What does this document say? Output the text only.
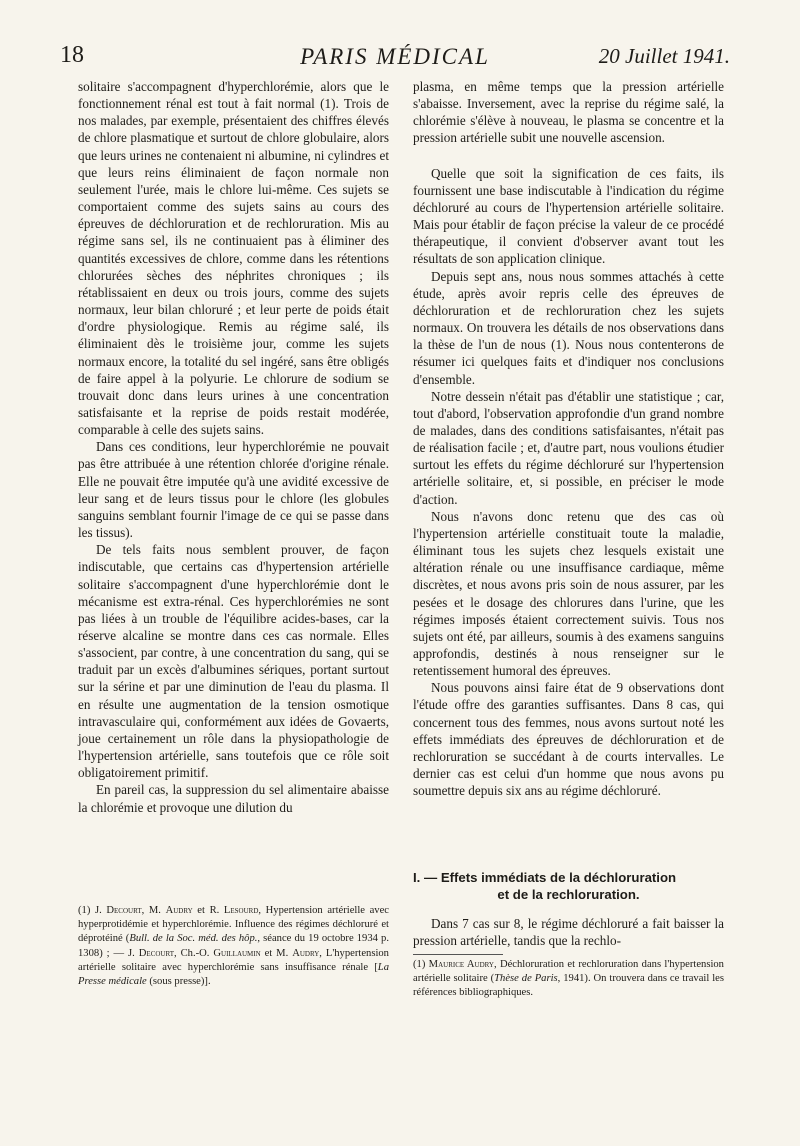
18	PARIS MÉDICAL	20 Juillet 1941.

solitaire s'accompagnent d'hyperchlorémie, alors que le fonctionnement rénal est tout à fait normal (1). Trois de nos malades, par exemple, présentaient des chiffres élevés de chlore plasmatique et surtout de chlore globulaire, alors que leurs urines ne contenaient ni albumine, ni cylindres et que leurs reins éliminaient de façon normale non seulement l'urée, mais le chlore lui-même. Ces sujets se comportaient comme des sujets sains au cours des épreuves de déchloruration et de rechloruration. Mis au régime sans sel, ils ne continuaient pas à éliminer des quantités excessives de chlore, comme dans les rétentions chlorurées sèches des néphrites chroniques ; ils rétablissaient en deux ou trois jours, comme des sujets normaux, leur bilan chloruré ; et leur perte de poids était d'ordre physiologique. Remis au régime salé, ils éliminaient dès le troisième jour, comme les sujets normaux encore, la totalité du sel ingéré, sans être obligés de faire appel à la polyurie. Le chlorure de sodium se trouvait donc dans leurs urines à une concentration satisfaisante et la reprise de poids restait modérée, comparable à celle des sujets sains.

Dans ces conditions, leur hyperchlorémie ne pouvait pas être attribuée à une rétention chlorée d'origine rénale. Elle ne pouvait être imputée qu'à une avidité excessive de leur sang et de leurs tissus pour le chlore (les globules sanguins semblant fournir l'image de ce qui se passe dans les tissus).

De tels faits nous semblent prouver, de façon indiscutable, que certains cas d'hypertension artérielle solitaire s'accompagnent d'une hyperchlorémie dont le mécanisme est extra-rénal. Ces hyperchlorémies ne sont pas liées à un trouble de l'équilibre acides-bases, car la réserve alcaline se montre dans ces cas normale. Elles s'associent, par contre, à une concentration du sang, qui se traduit par un excès d'albumines sériques, portant surtout sur la sérine et par une diminution de l'eau du plasma. Il en résulte une augmentation de la tension osmotique intravasculaire qui, conformément aux idées de Govaerts, joue certainement un rôle dans la physiopathologie de l'hypertension artérielle, sans toutefois que ce rôle soit obligatoirement primitif.

En pareil cas, la suppression du sel alimentaire abaisse la chlorémie et provoque une dilution du

(1) J. Decourt, M. Audry et R. Lesourd, Hypertension artérielle avec hyperprotidémie et hyperchlorémie. Influence des régimes déchloruré et déprotéiné (Bull. de la Soc. méd. des hôp., séance du 19 octobre 1934 p. 1308) ; — J. Decourt, Ch.-O. Guillaumin et M. Audry, L'hypertension artérielle solitaire avec hyperchlorémie sans insuffisance rénale [La Presse médicale (sous presse)].

plasma, en même temps que la pression artérielle s'abaisse. Inversement, avec la reprise du régime salé, la chlorémie s'élève à nouveau, le plasma se concentre et la pression artérielle subit une nouvelle ascension.

Quelle que soit la signification de ces faits, ils fournissent une base indiscutable à l'indication du régime déchloruré au cours de l'hypertension artérielle solitaire. Mais pour établir de façon précise la valeur de ce procédé thérapeutique, il convient d'observer avant tout les résultats de son application clinique.

Depuis sept ans, nous nous sommes attachés à cette étude, après avoir repris celle des épreuves de déchloruration et de rechloruration chez les sujets normaux. On trouvera les détails de nos observations dans la thèse de l'un de nous (1). Nous nous contenterons de résumer ici quelques faits et d'indiquer nos conclusions d'ensemble.

Notre dessein n'était pas d'établir une statistique ; car, tout d'abord, l'observation approfondie d'un grand nombre de malades, dans des conditions satisfaisantes, n'était pas de réalisation facile ; et, d'autre part, nous voulions étudier surtout les effets du régime déchloruré sur l'hypertension artérielle solitaire, et, si possible, en préciser le mode d'action.

Nous n'avons donc retenu que des cas où l'hypertension artérielle constituait toute la maladie, éliminant tous les sujets chez lesquels existait une altération rénale ou une insuffisance cardiaque, même discrètes, et nous avons pris soin de nous assurer, par les pesées et le dosage des chlorures dans l'urine, que les régimes imposés étaient correctement suivis. Tous nos sujets ont été, par ailleurs, soumis à des examens sanguins approfondis, destinés à nous renseigner sur le retentissement humoral des épreuves.

Nous pouvons ainsi faire état de 9 observations dont l'étude offre des garanties suffisantes. Dans 8 cas, qui concernent tous des femmes, nous avons surtout noté les effets immédiats des épreuves de déchloruration et de rechloruration se succédant à de courts intervalles. Le dernier cas est celui d'un homme que nous avons pu soumettre depuis six ans au régime déchloruré.

I. — Effets immédiats de la déchloruration
et de la rechloruration.

Dans 7 cas sur 8, le régime déchloruré a fait baisser la pression artérielle, tandis que la rechlo-

(1) Maurice Audry, Déchloruration et rechloruration dans l'hypertension artérielle solitaire (Thèse de Paris, 1941). On trouvera dans ce travail les références bibliographiques.
